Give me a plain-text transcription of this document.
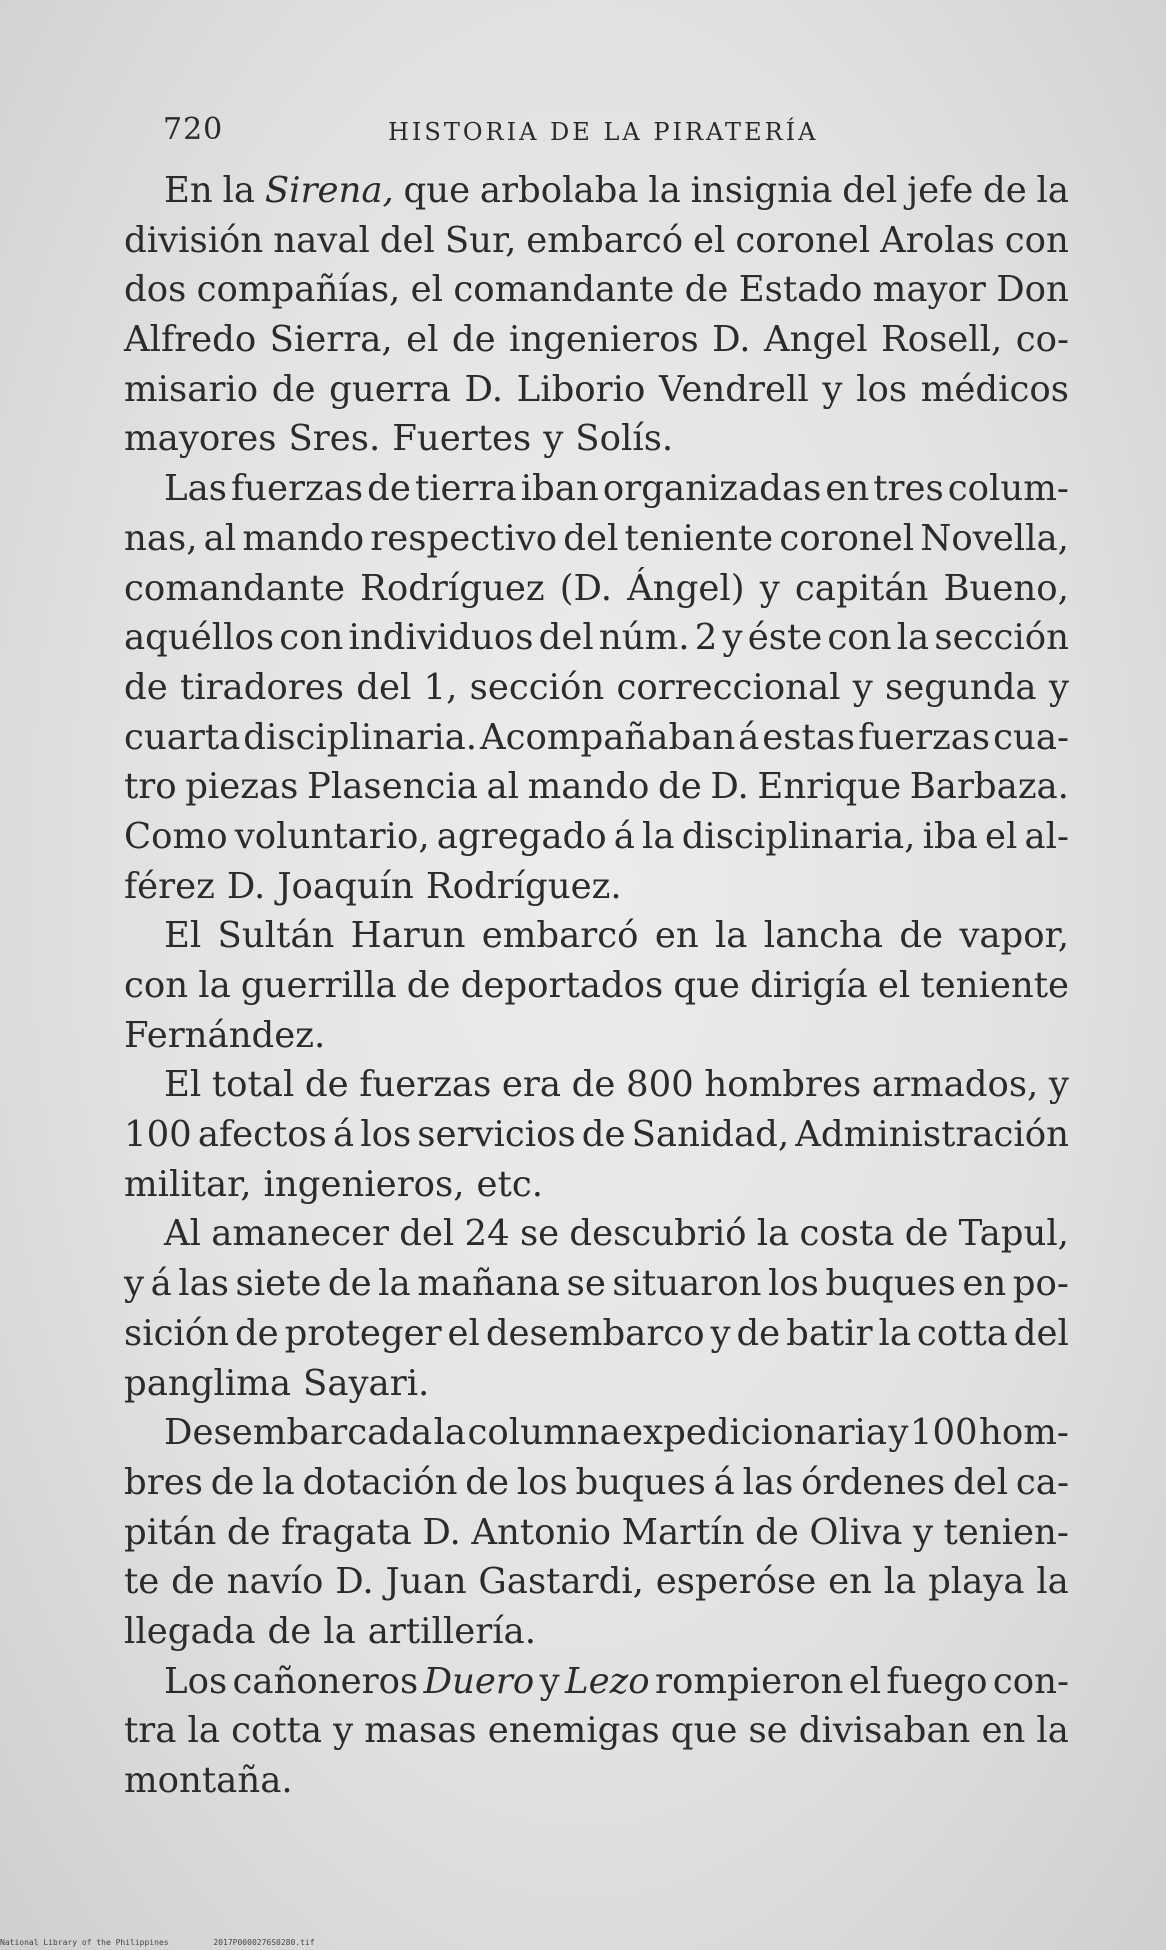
720	HISTORIA DE LA PIRATERÍA
En la Sirena, que arbolaba la insignia del jefe de la
división naval del Sur, embarcó el coronel Arolas con
dos compañías, el comandante de Estado mayor Don
Alfredo Sierra, el de ingenieros D. Angel Rosell, co-
misario de guerra D. Liborio Vendrell y los médicos
mayores Sres. Fuertes y Solís.
Las fuerzas de tierra iban organizadas en tres colum-
nas, al mando respectivo del teniente coronel Novella,
comandante Rodríguez (D. Ángel) y capitán Bueno,
aquéllos con individuos del núm. 2 y éste con la sección
de tiradores del 1, sección correccional y segunda y
cuarta disciplinaria. Acompañaban á estas fuerzas cua-
tro piezas Plasencia al mando de D. Enrique Barbaza.
Como voluntario, agregado á la disciplinaria, iba el al-
férez D. Joaquín Rodríguez.
El Sultán Harun embarcó en la lancha de vapor,
con la guerrilla de deportados que dirigía el teniente
Fernández.
El total de fuerzas era de 800 hombres armados, y
100 afectos á los servicios de Sanidad, Administración
militar, ingenieros, etc.
Al amanecer del 24 se descubrió la costa de Tapul,
y á las siete de la mañana se situaron los buques en po-
sición de proteger el desembarco y de batir la cotta del
panglima Sayari.
Desembarcada la columna expedicionaria y 100 hom-
bres de la dotación de los buques á las órdenes del ca-
pitán de fragata D. Antonio Martín de Oliva y tenien-
te de navío D. Juan Gastardi, esperóse en la playa la
llegada de la artillería.
Los cañoneros Duero y Lezo rompieron el fuego con-
tra la cotta y masas enemigas que se divisaban en la
montaña.
National Library of the Philippines	2017P0000276S0280.tif
